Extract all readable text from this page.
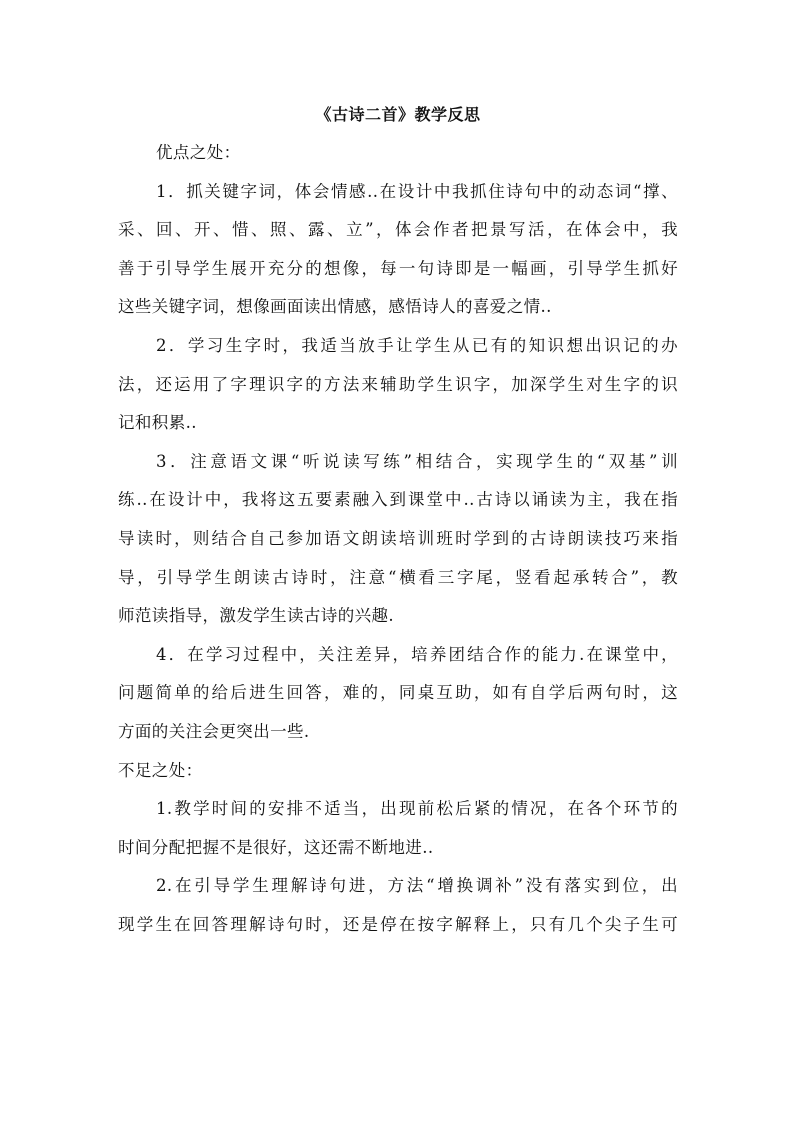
《古诗二首》教学反思
优点之处：
1．抓关键字词，体会情感..在设计中我抓住诗句中的动态词“撑、
采、回、开、惜、照、露、立”，体会作者把景写活，在体会中，我
善于引导学生展开充分的想像，每一句诗即是一幅画，引导学生抓好
这些关键字词，想像画面读出情感，感悟诗人的喜爱之情..
2．学习生字时，我适当放手让学生从已有的知识想出识记的办
法，还运用了字理识字的方法来辅助学生识字，加深学生对生字的识
记和积累..
3．注意语文课“听说读写练”相结合，实现学生的“双基”训
练..在设计中，我将这五要素融入到课堂中..古诗以诵读为主，我在指
导读时，则结合自己参加语文朗读培训班时学到的古诗朗读技巧来指
导，引导学生朗读古诗时，注意“横看三字尾，竖看起承转合”，教
师范读指导，激发学生读古诗的兴趣.
4．在学习过程中，关注差异，培养团结合作的能力.在课堂中，
问题简单的给后进生回答，难的，同桌互助，如有自学后两句时，这
方面的关注会更突出一些.
不足之处：
1.教学时间的安排不适当，出现前松后紧的情况，在各个环节的
时间分配把握不是很好，这还需不断地进..
2.在引导学生理解诗句进，方法“增换调补”没有落实到位，出
现学生在回答理解诗句时，还是停在按字解释上，只有几个尖子生可
